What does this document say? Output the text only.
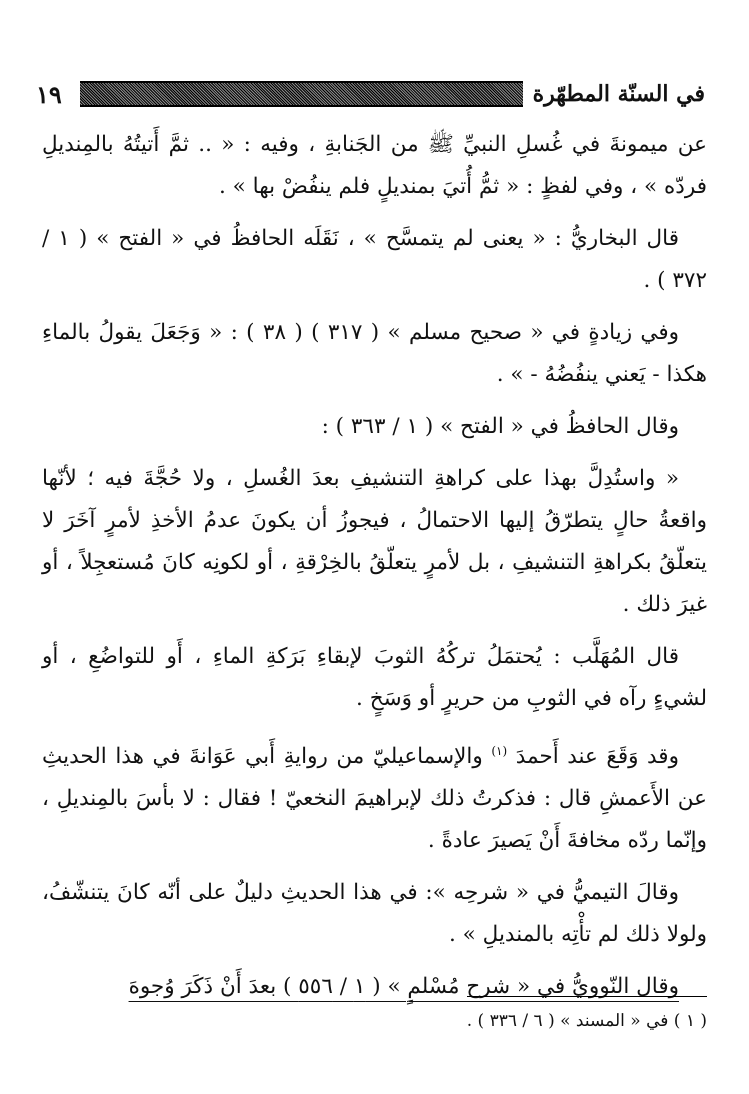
في السنّة المطهّرة
١٩

عن ميمونةَ في غُسلِ النبيِّ ﷺ من الجَنابةِ ، وفيه : « .. ثمَّ أَتيتُهُ بالمِنديلِ فردّه » ، وفي لفظٍ : « ثمُّ أُتيَ بمنديلٍ فلم ينفُضْ بها » .

قال البخاريُّ : « يعنى لم يتمسَّح » ، نَقَلَه الحافظُ في « الفتح » ( ١ / ٣٧٢ ) .

وفي زيادةٍ في « صحيح مسلم » ( ٣١٧ ) ( ٣٨ ) : « وَجَعَلَ يقولُ بالماءِ هكذا - يَعني ينفُضُهُ - » .

وقال الحافظُ في « الفتح » ( ١ / ٣٦٣ ) :

« واستُدِلَّ بهذا على كراهةِ التنشيفِ بعدَ الغُسلِ ، ولا حُجَّةَ فيه ؛ لأنّها واقعةُ حالٍ يتطرّقُ إليها الاحتمالُ ، فيجوزُ أن يكونَ عدمُ الأخذِ لأمرٍ آخَرَ لا يتعلّقُ بكراهةِ التنشيفِ ، بل لأمرٍ يتعلّقُ بالخِرْقةِ ، أو لكونِه كانَ مُستعجِلاً ، أو غيرَ ذلك .

قال المُهَلَّب : يُحتمَلُ تركُهُ الثوبَ لإبقاءِ بَرَكةِ الماءِ ، أَو للتواضُعِ ، أو لشيءٍ رآه في الثوبِ من حريرٍ أو وَسَخٍ .

وقد وَقَعَ عند أَحمدَ $^{(١)}$ والإسماعيليّ من روايةِ أَبي عَوَانةَ في هذا الحديثِ عن الأَعمشِ قال : فذكرتُ ذلك لإبراهيمَ النخعيّ ! فقال : لا بأسَ بالمِنديلِ ، وإنّما ردّه مخافةَ أَنْ يَصيرَ عادةً .

وقالَ التيميُّ في « شرحِه »: في هذا الحديثِ دليلٌ على أنّه كانَ يتنشّفُ، ولولا ذلك لم تأْتِه بالمنديلِ » .

وقال النّوويُّ في « شرح مُسْلمٍ » ( ١ / ٥٥٦ ) بعدَ أَنْ ذَكَرَ وُجوهَ

( ١ ) في « المسند » ( ٦ / ٣٣٦ ) .
